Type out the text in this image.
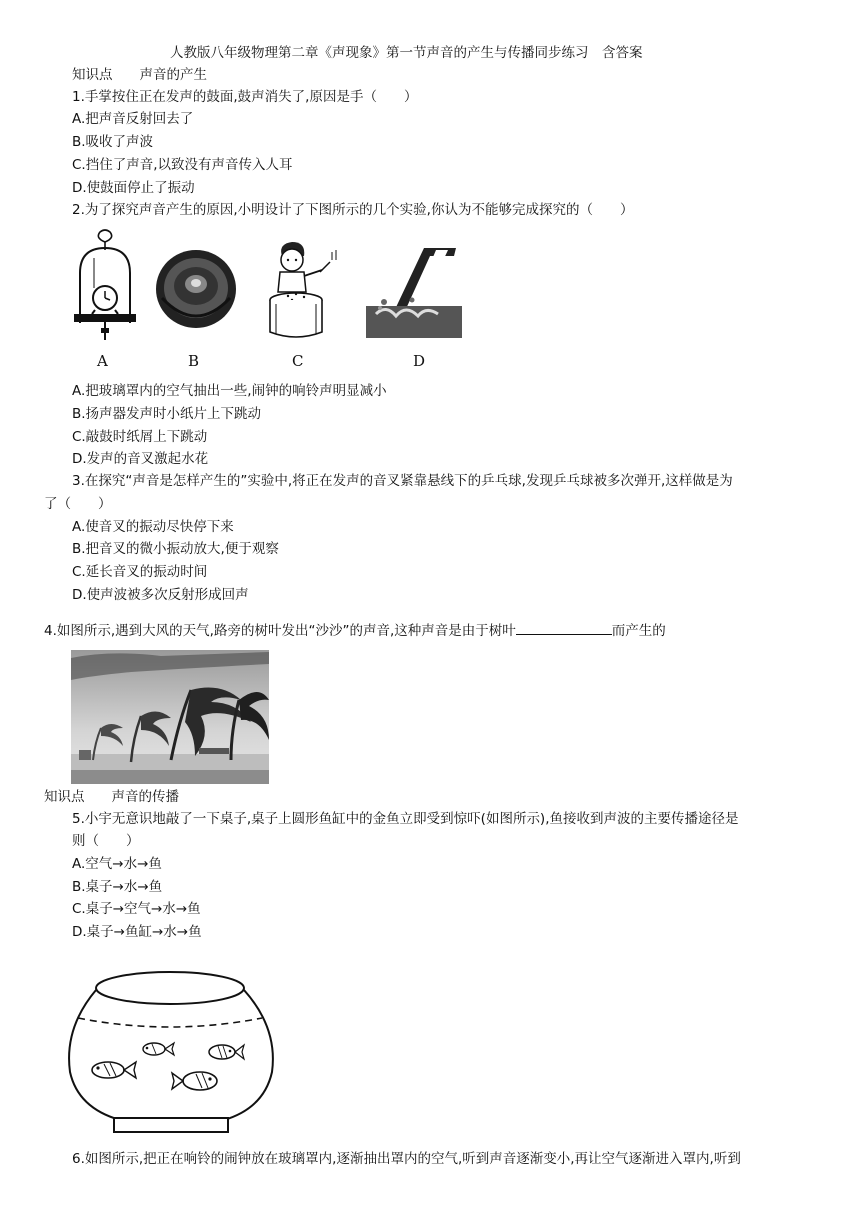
人教版八年级物理第二章《声现象》第一节声音的产生与传播同步练习　含答案
知识点   声音的产生
1.手掌按住正在发声的鼓面,鼓声消失了,原因是手（　　）
A.把声音反射回去了
B.吸收了声波
C.挡住了声音,以致没有声音传入人耳
D.使鼓面停止了振动
2.为了探究声音产生的原因,小明设计了下图所示的几个实验,你认为不能够完成探究的（　　）
A	B	C	D
A.把玻璃罩内的空气抽出一些,闹钟的响铃声明显减小
B.扬声器发声时小纸片上下跳动
C.敲鼓时纸屑上下跳动
D.发声的音叉激起水花
3.在探究“声音是怎样产生的”实验中,将正在发声的音叉紧靠悬线下的乒乓球,发现乒乓球被多次弹开,这样做是为
了（　　）
A.使音叉的振动尽快停下来
B.把音叉的微小振动放大,便于观察
C.延长音叉的振动时间
D.使声波被多次反射形成回声
4.如图所示,遇到大风的天气,路旁的树叶发出“沙沙”的声音,这种声音是由于树叶	而产生的
知识点   声音的传播
5.小宇无意识地敲了一下桌子,桌子上圆形鱼缸中的金鱼立即受到惊吓(如图所示),鱼接收到声波的主要传播途径是
则（　　）
A.空气→水→鱼
B.桌子→水→鱼
C.桌子→空气→水→鱼
D.桌子→鱼缸→水→鱼
6.如图所示,把正在响铃的闹钟放在玻璃罩内,逐渐抽出罩内的空气,听到声音逐渐变小,再让空气逐渐进入罩内,听到
